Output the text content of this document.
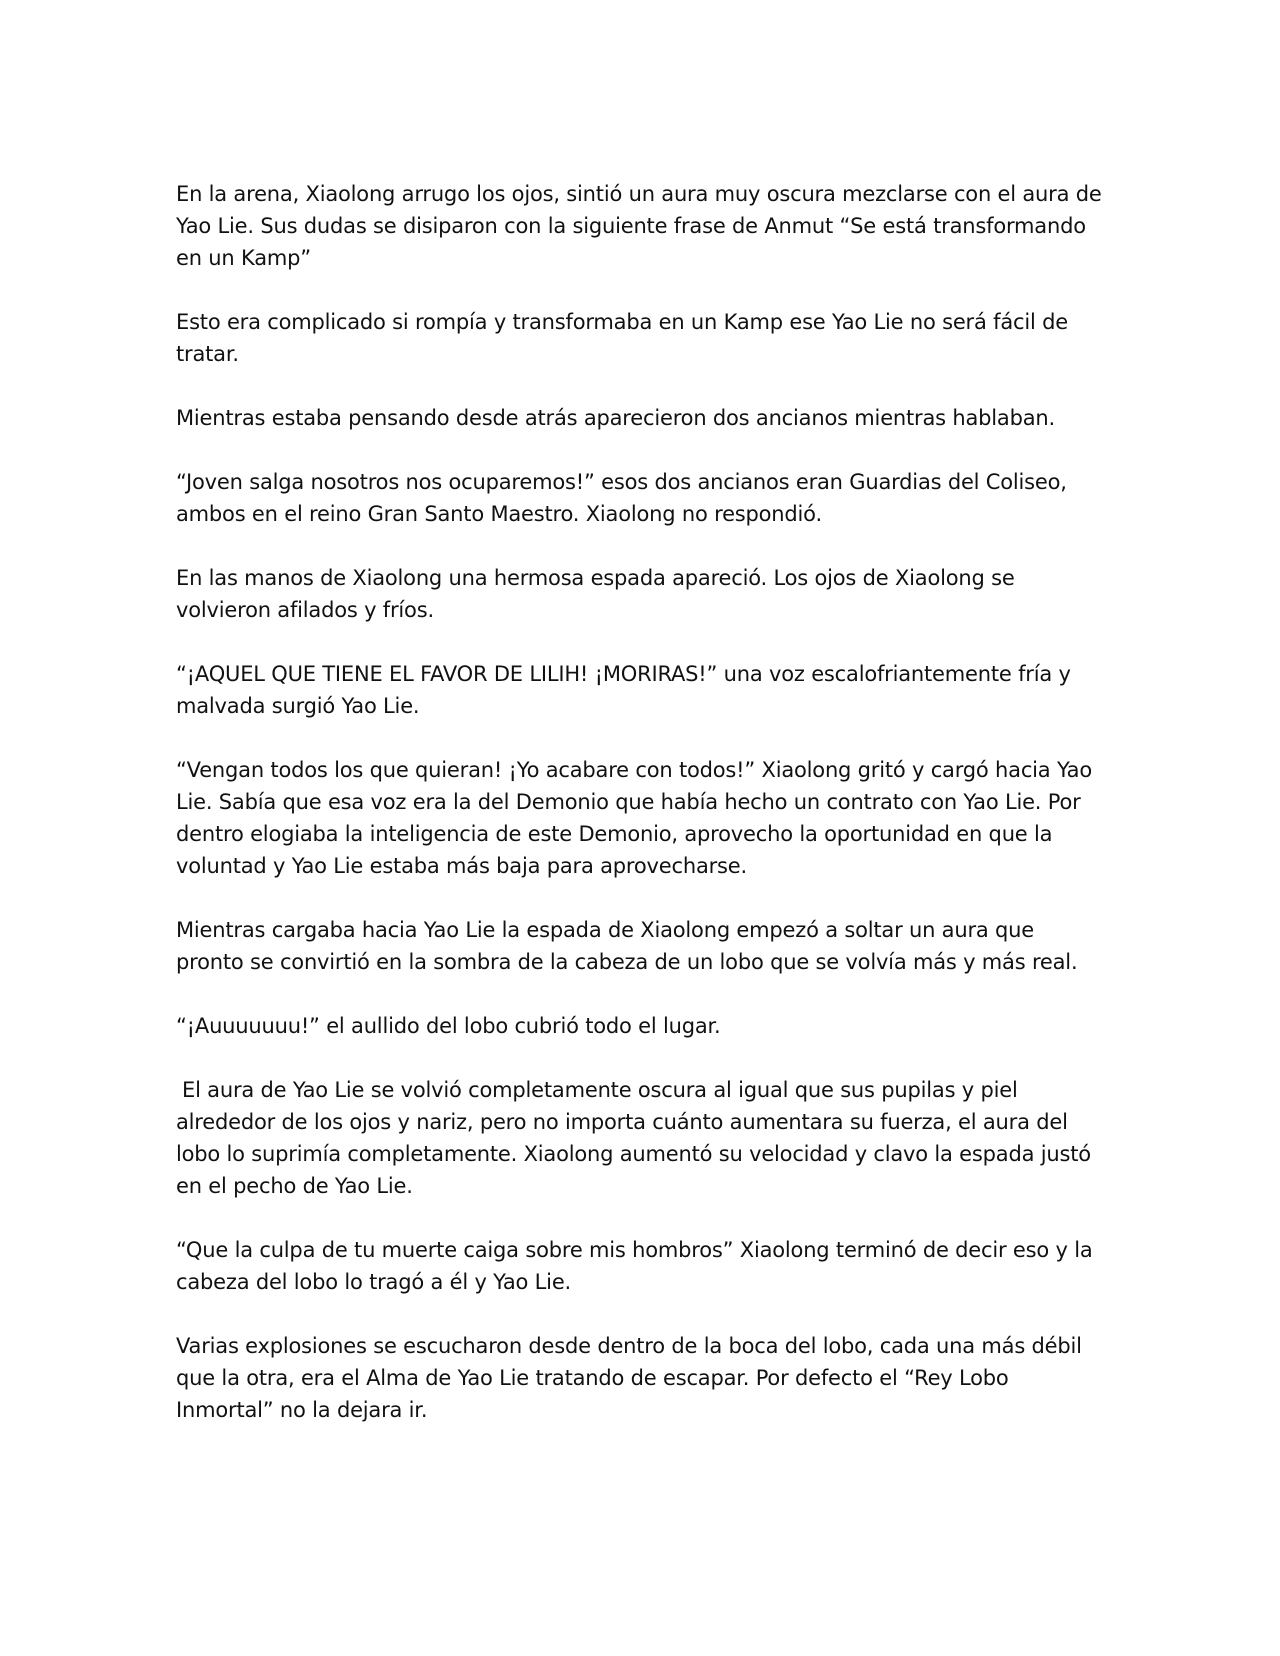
En la arena, Xiaolong arrugo los ojos, sintió un aura muy oscura mezclarse con el aura de Yao Lie. Sus dudas se disiparon con la siguiente frase de Anmut “Se está transformando en un Kamp”

Esto era complicado si rompía y transformaba en un Kamp ese Yao Lie no será fácil de tratar.

Mientras estaba pensando desde atrás aparecieron dos ancianos mientras hablaban.

“Joven salga nosotros nos ocuparemos!” esos dos ancianos eran Guardias del Coliseo, ambos en el reino Gran Santo Maestro. Xiaolong no respondió.

En las manos de Xiaolong una hermosa espada apareció. Los ojos de Xiaolong se volvieron afilados y fríos.

“¡AQUEL QUE TIENE EL FAVOR DE LILIH! ¡MORIRAS!” una voz escalofriantemente fría y malvada surgió Yao Lie.

“Vengan todos los que quieran! ¡Yo acabare con todos!” Xiaolong gritó y cargó hacia Yao Lie. Sabía que esa voz era la del Demonio que había hecho un contrato con Yao Lie. Por dentro elogiaba la inteligencia de este Demonio, aprovecho la oportunidad en que la voluntad y Yao Lie estaba más baja para aprovecharse.

Mientras cargaba hacia Yao Lie la espada de Xiaolong empezó a soltar un aura que pronto se convirtió en la sombra de la cabeza de un lobo que se volvía más y más real.

“¡Auuuuuuu!” el aullido del lobo cubrió todo el lugar.

El aura de Yao Lie se volvió completamente oscura al igual que sus pupilas y piel alrededor de los ojos y nariz, pero no importa cuánto aumentara su fuerza, el aura del lobo lo suprimía completamente. Xiaolong aumentó su velocidad y clavo la espada justó en el pecho de Yao Lie.

“Que la culpa de tu muerte caiga sobre mis hombros” Xiaolong terminó de decir eso y la cabeza del lobo lo tragó a él y Yao Lie.

Varias explosiones se escucharon desde dentro de la boca del lobo, cada una más débil que la otra, era el Alma de Yao Lie tratando de escapar. Por defecto el “Rey Lobo Inmortal” no la dejara ir.
